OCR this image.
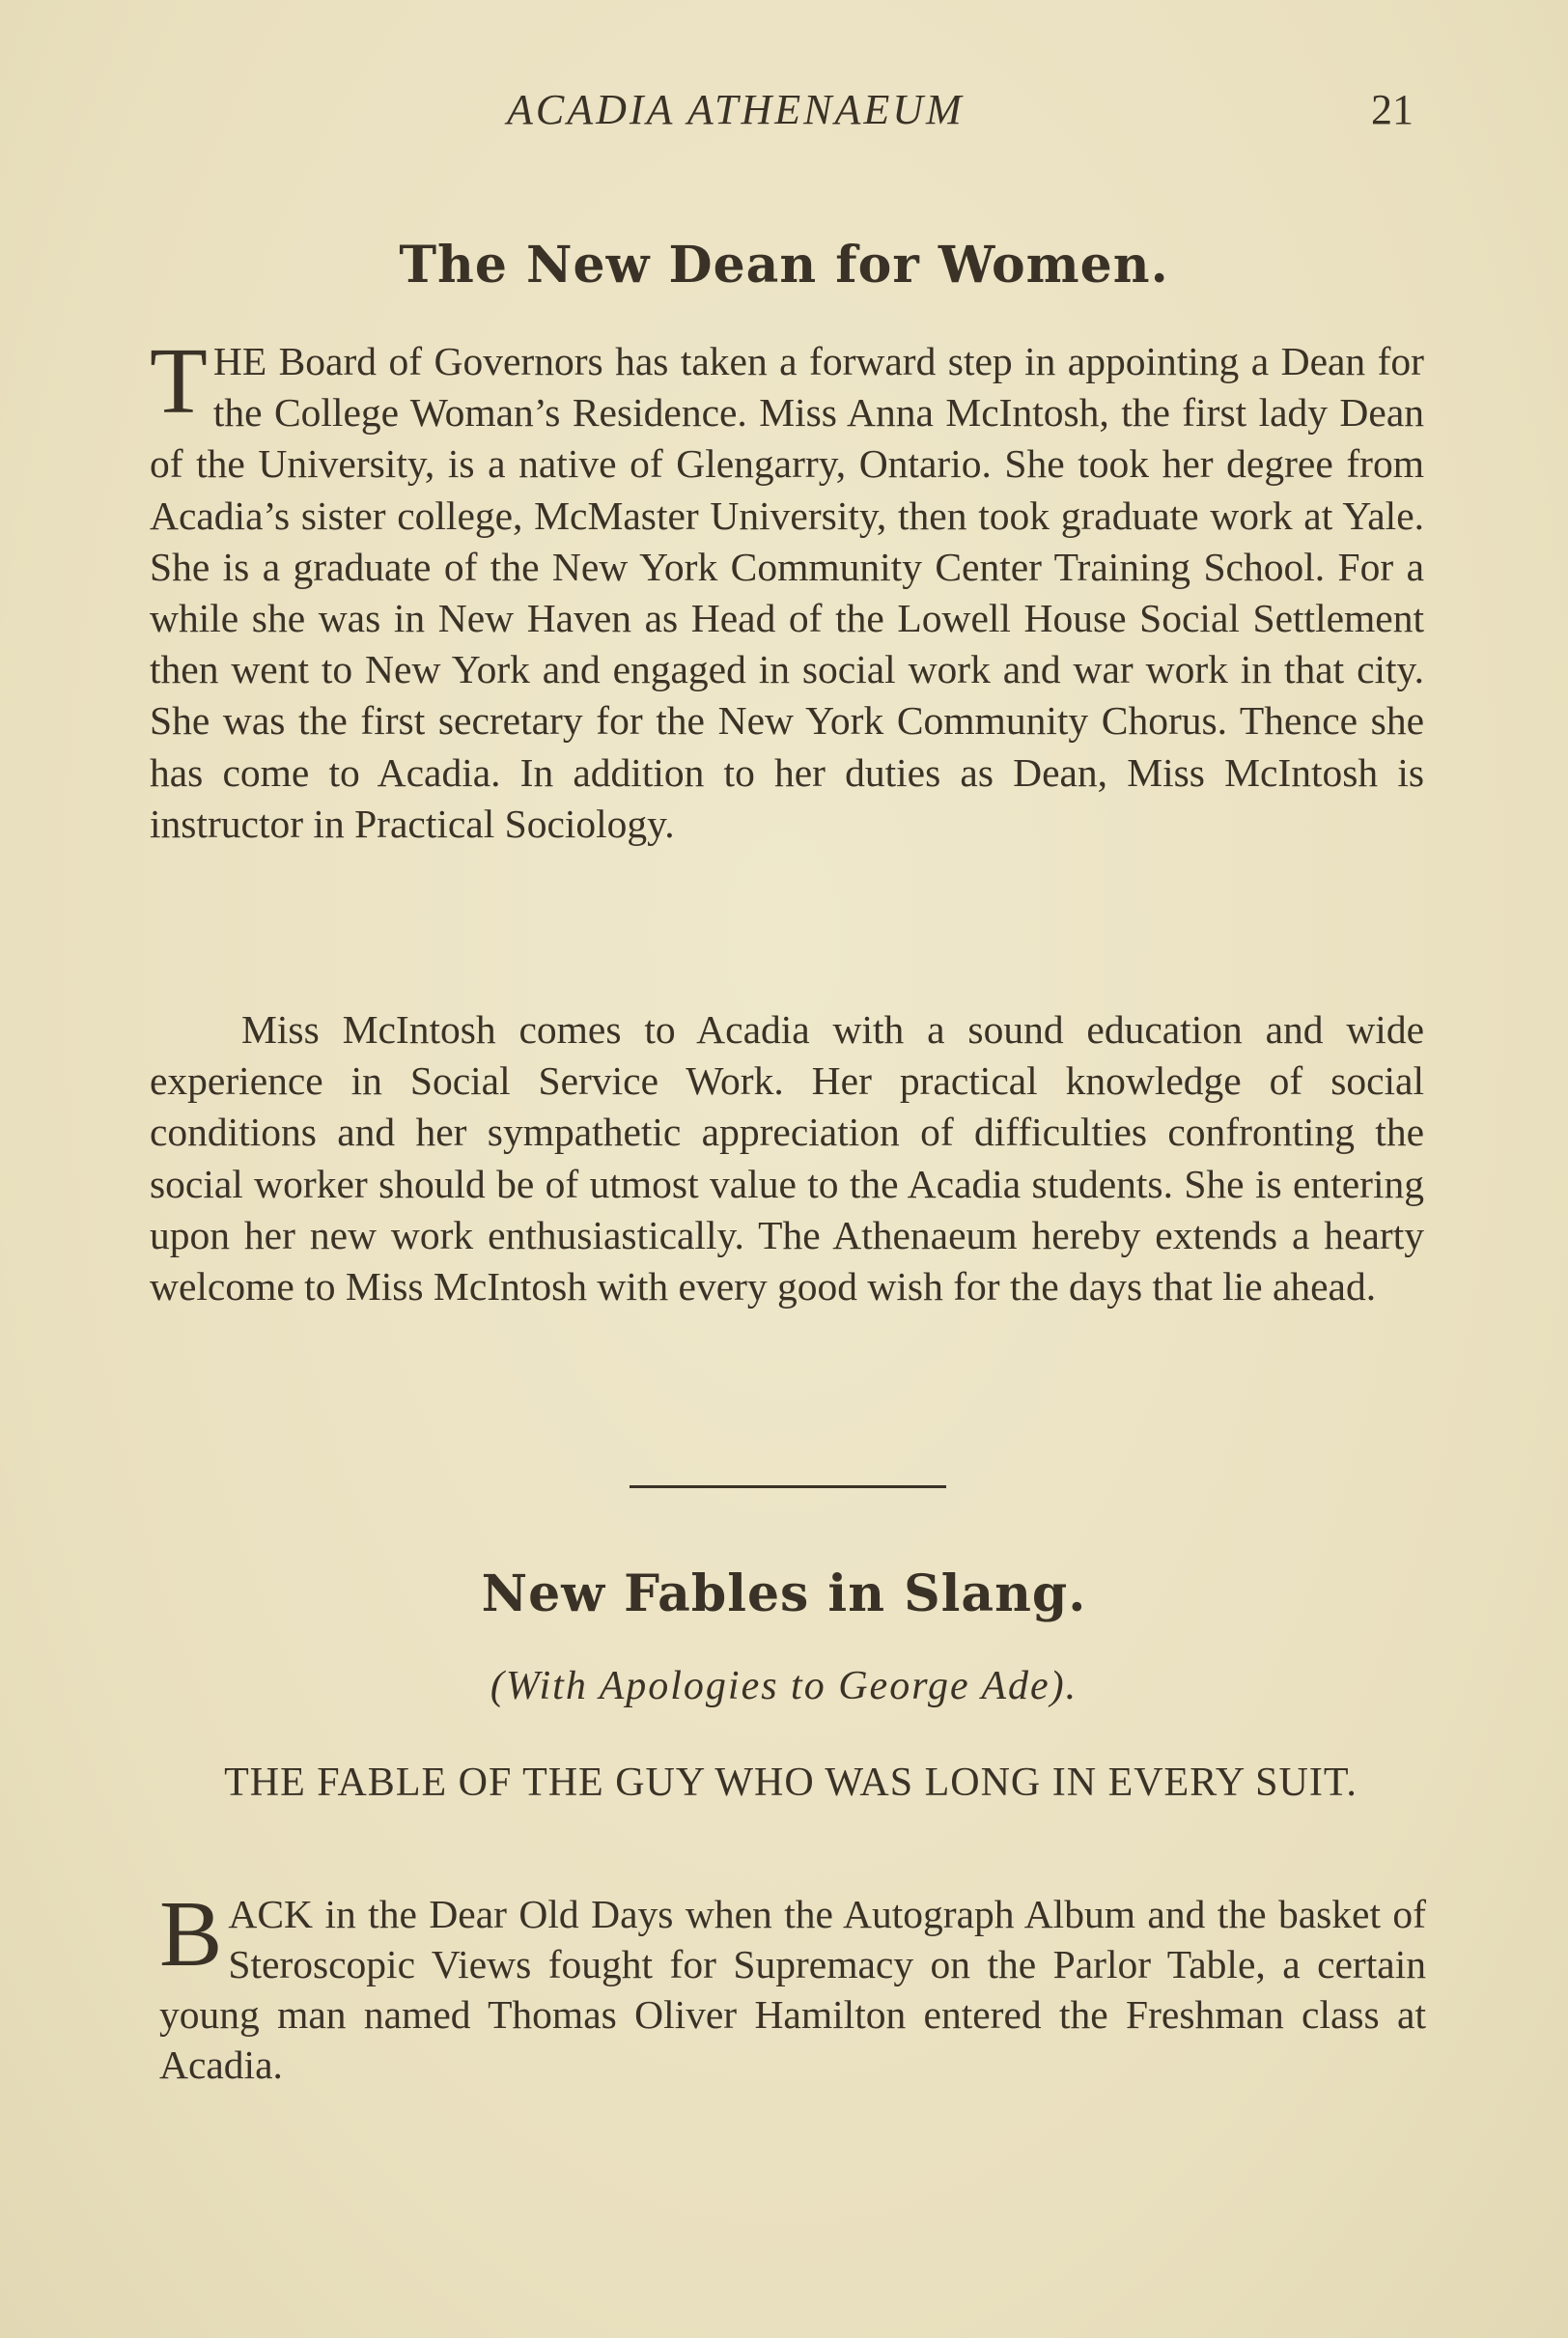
ACADIA ATHENAEUM	21
The New Dean for Women.

THE Board of Governors has taken a forward step in appointing a Dean for the College Woman’s Residence. Miss Anna McIntosh, the first lady Dean of the University, is a native of Glengarry, Ontario. She took her degree from Acadia’s sister college, McMaster University, then took graduate work at Yale. She is a graduate of the New York Community Center Training School. For a while she was in New Haven as Head of the Lowell House Social Settlement then went to New York and engaged in social work and war work in that city. She was the first secretary for the New York Community Chorus. Thence she has come to Acadia. In addition to her duties as Dean, Miss McIntosh is instructor in Practical Sociology.

Miss McIntosh comes to Acadia with a sound education and wide experience in Social Service Work. Her practical knowledge of social conditions and her sympathetic appreciation of difficulties confronting the social worker should be of utmost value to the Acadia students. She is entering upon her new work enthusiastically. The Athenaeum hereby extends a hearty welcome to Miss McIntosh with every good wish for the days that lie ahead.

New Fables in Slang.
(With Apologies to George Ade).
THE FABLE OF THE GUY WHO WAS LONG IN EVERY SUIT.

BACK in the Dear Old Days when the Autograph Album and the basket of Steroscopic Views fought for Supremacy on the Parlor Table, a certain young man named Thomas Oliver Hamilton entered the Freshman class at Acadia.
